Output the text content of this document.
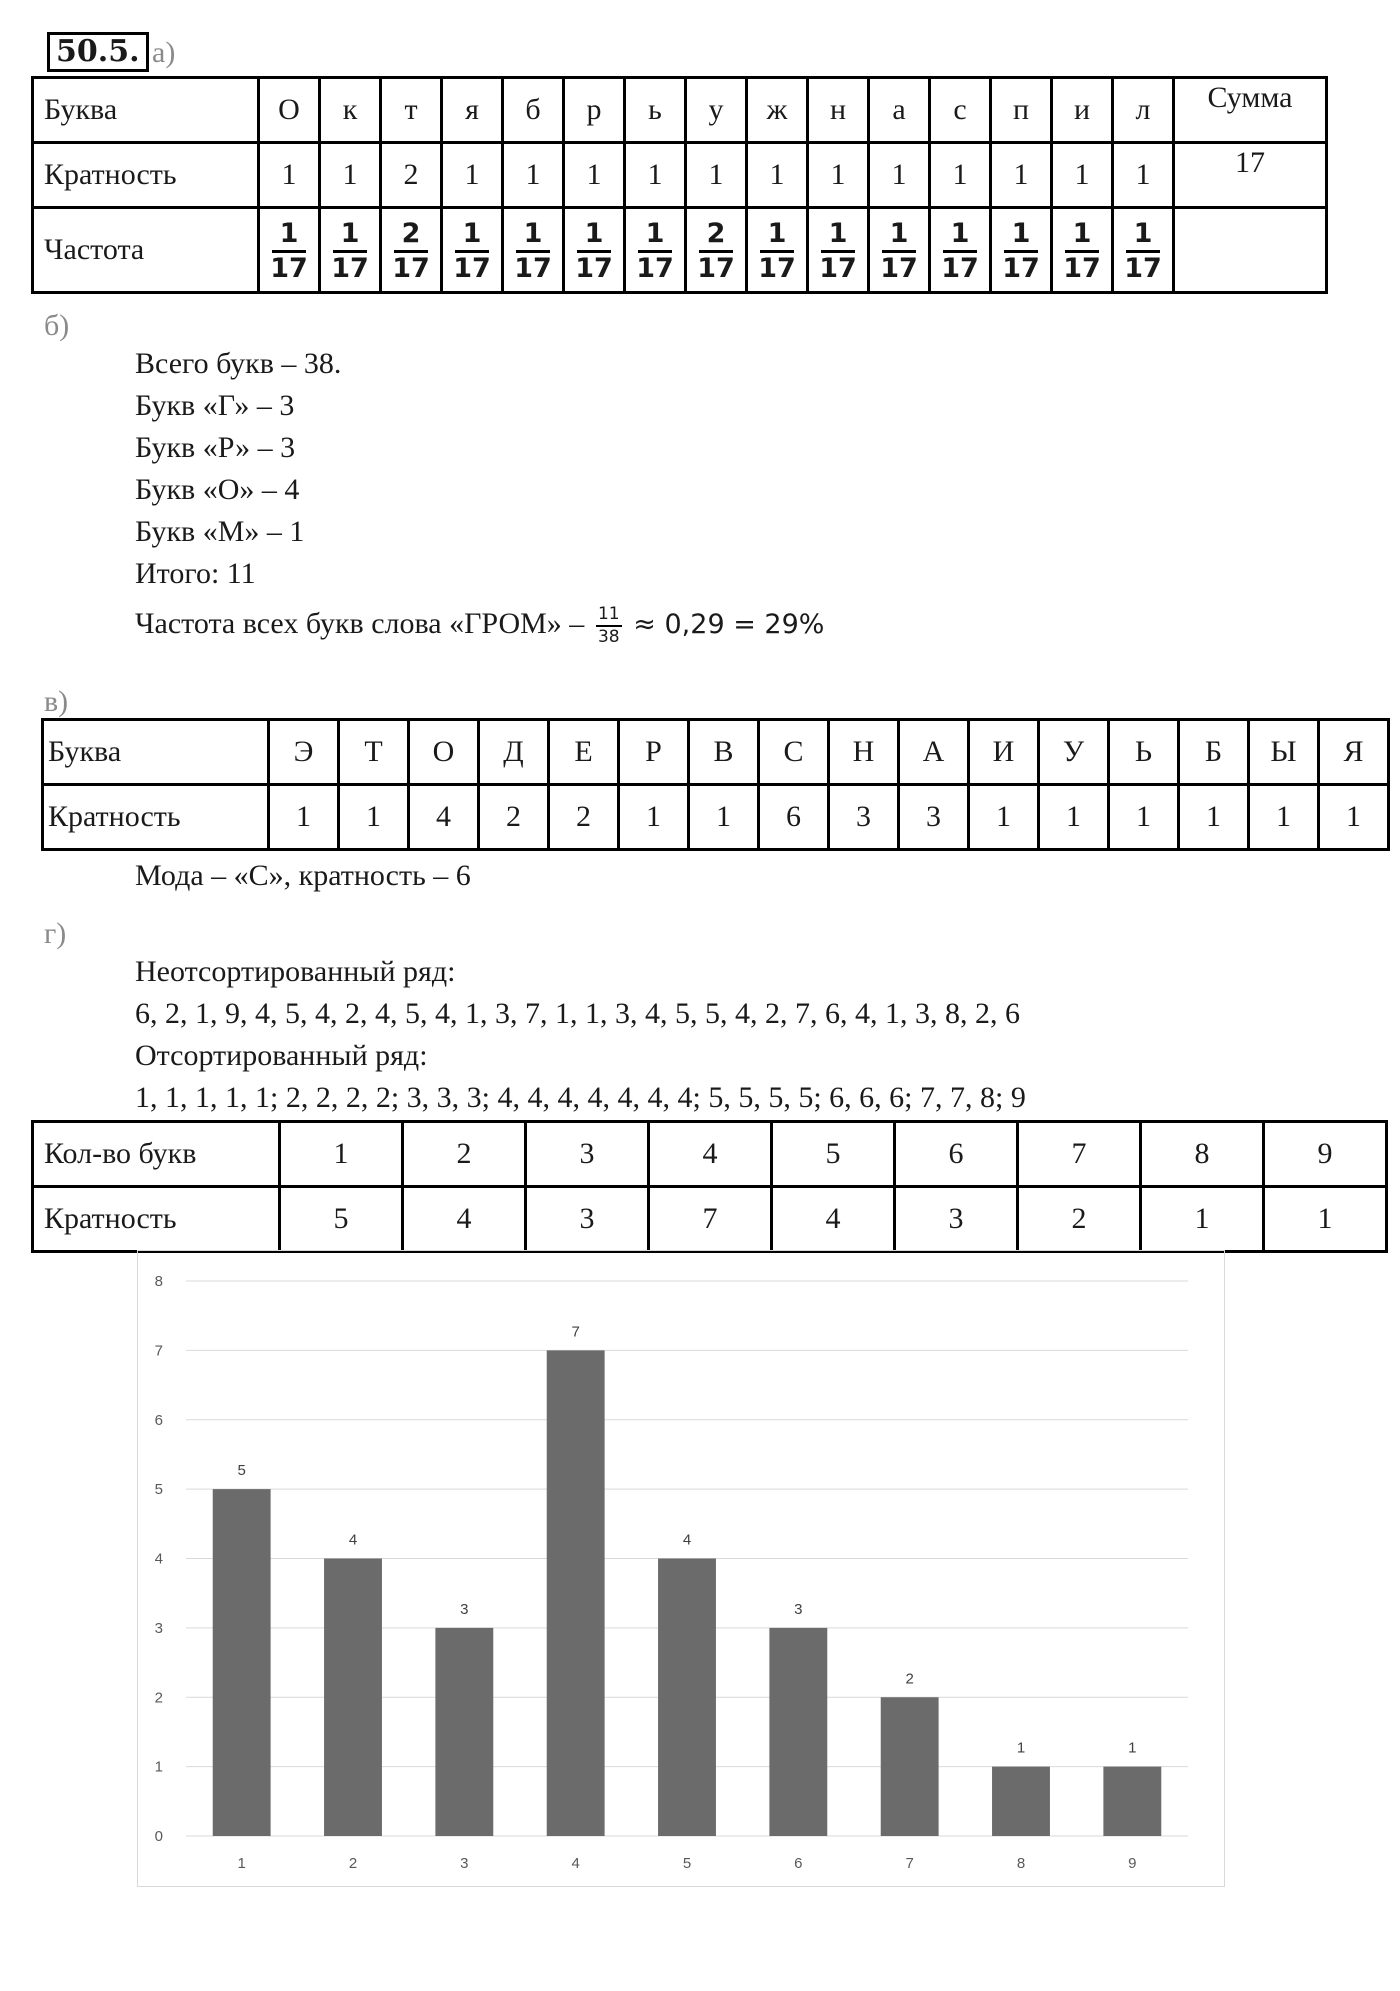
50.5. а)
Буква	О	к	т	я	б	р	ь	у	ж	н	а	с	п	и	л	Сумма
Кратность	1	1	2	1	1	1	1	1	1	1	1	1	1	1	1	17
Частота	$\frac{1}{17}$	$\frac{1}{17}$	$\frac{2}{17}$	$\frac{1}{17}$	$\frac{1}{17}$	$\frac{1}{17}$	$\frac{1}{17}$	$\frac{2}{17}$	$\frac{1}{17}$	$\frac{1}{17}$	$\frac{1}{17}$	$\frac{1}{17}$	$\frac{1}{17}$	$\frac{1}{17}$	$\frac{1}{17}$

б)
Всего букв – 38.
Букв «Г» – 3
Букв «Р» – 3
Букв «О» – 4
Букв «М» – 1
Итого: 11
Частота всех букв слова «ГРОМ» – $\frac{11}{38} \approx 0,29 = 29\%$
в)
Буква	Э	Т	О	Д	Е	Р	В	С	Н	А	И	У	Ь	Б	Ы	Я
Кратность	1	1	4	2	2	1	1	6	3	3	1	1	1	1	1	1
Мода – «С», кратность – 6
г)
Неотсортированный ряд:
6, 2, 1, 9, 4, 5, 4, 2, 4, 5, 4, 1, 3, 7, 1, 1, 3, 4, 5, 5, 4, 2, 7, 6, 4, 1, 3, 8, 2, 6
Отсортированный ряд:
1, 1, 1, 1, 1; 2, 2, 2, 2; 3, 3, 3; 4, 4, 4, 4, 4, 4, 4; 5, 5, 5, 5; 6, 6, 6; 7, 7, 8; 9
Кол-во букв	1	2	3	4	5	6	7	8	9
Кратность	5	4	3	7	4	3	2	1	1
0
1
2
3
4
5
6
7
8
5
1
4
2
3
3
7
4
4
5
3
6
2
7
1
8
1
9
